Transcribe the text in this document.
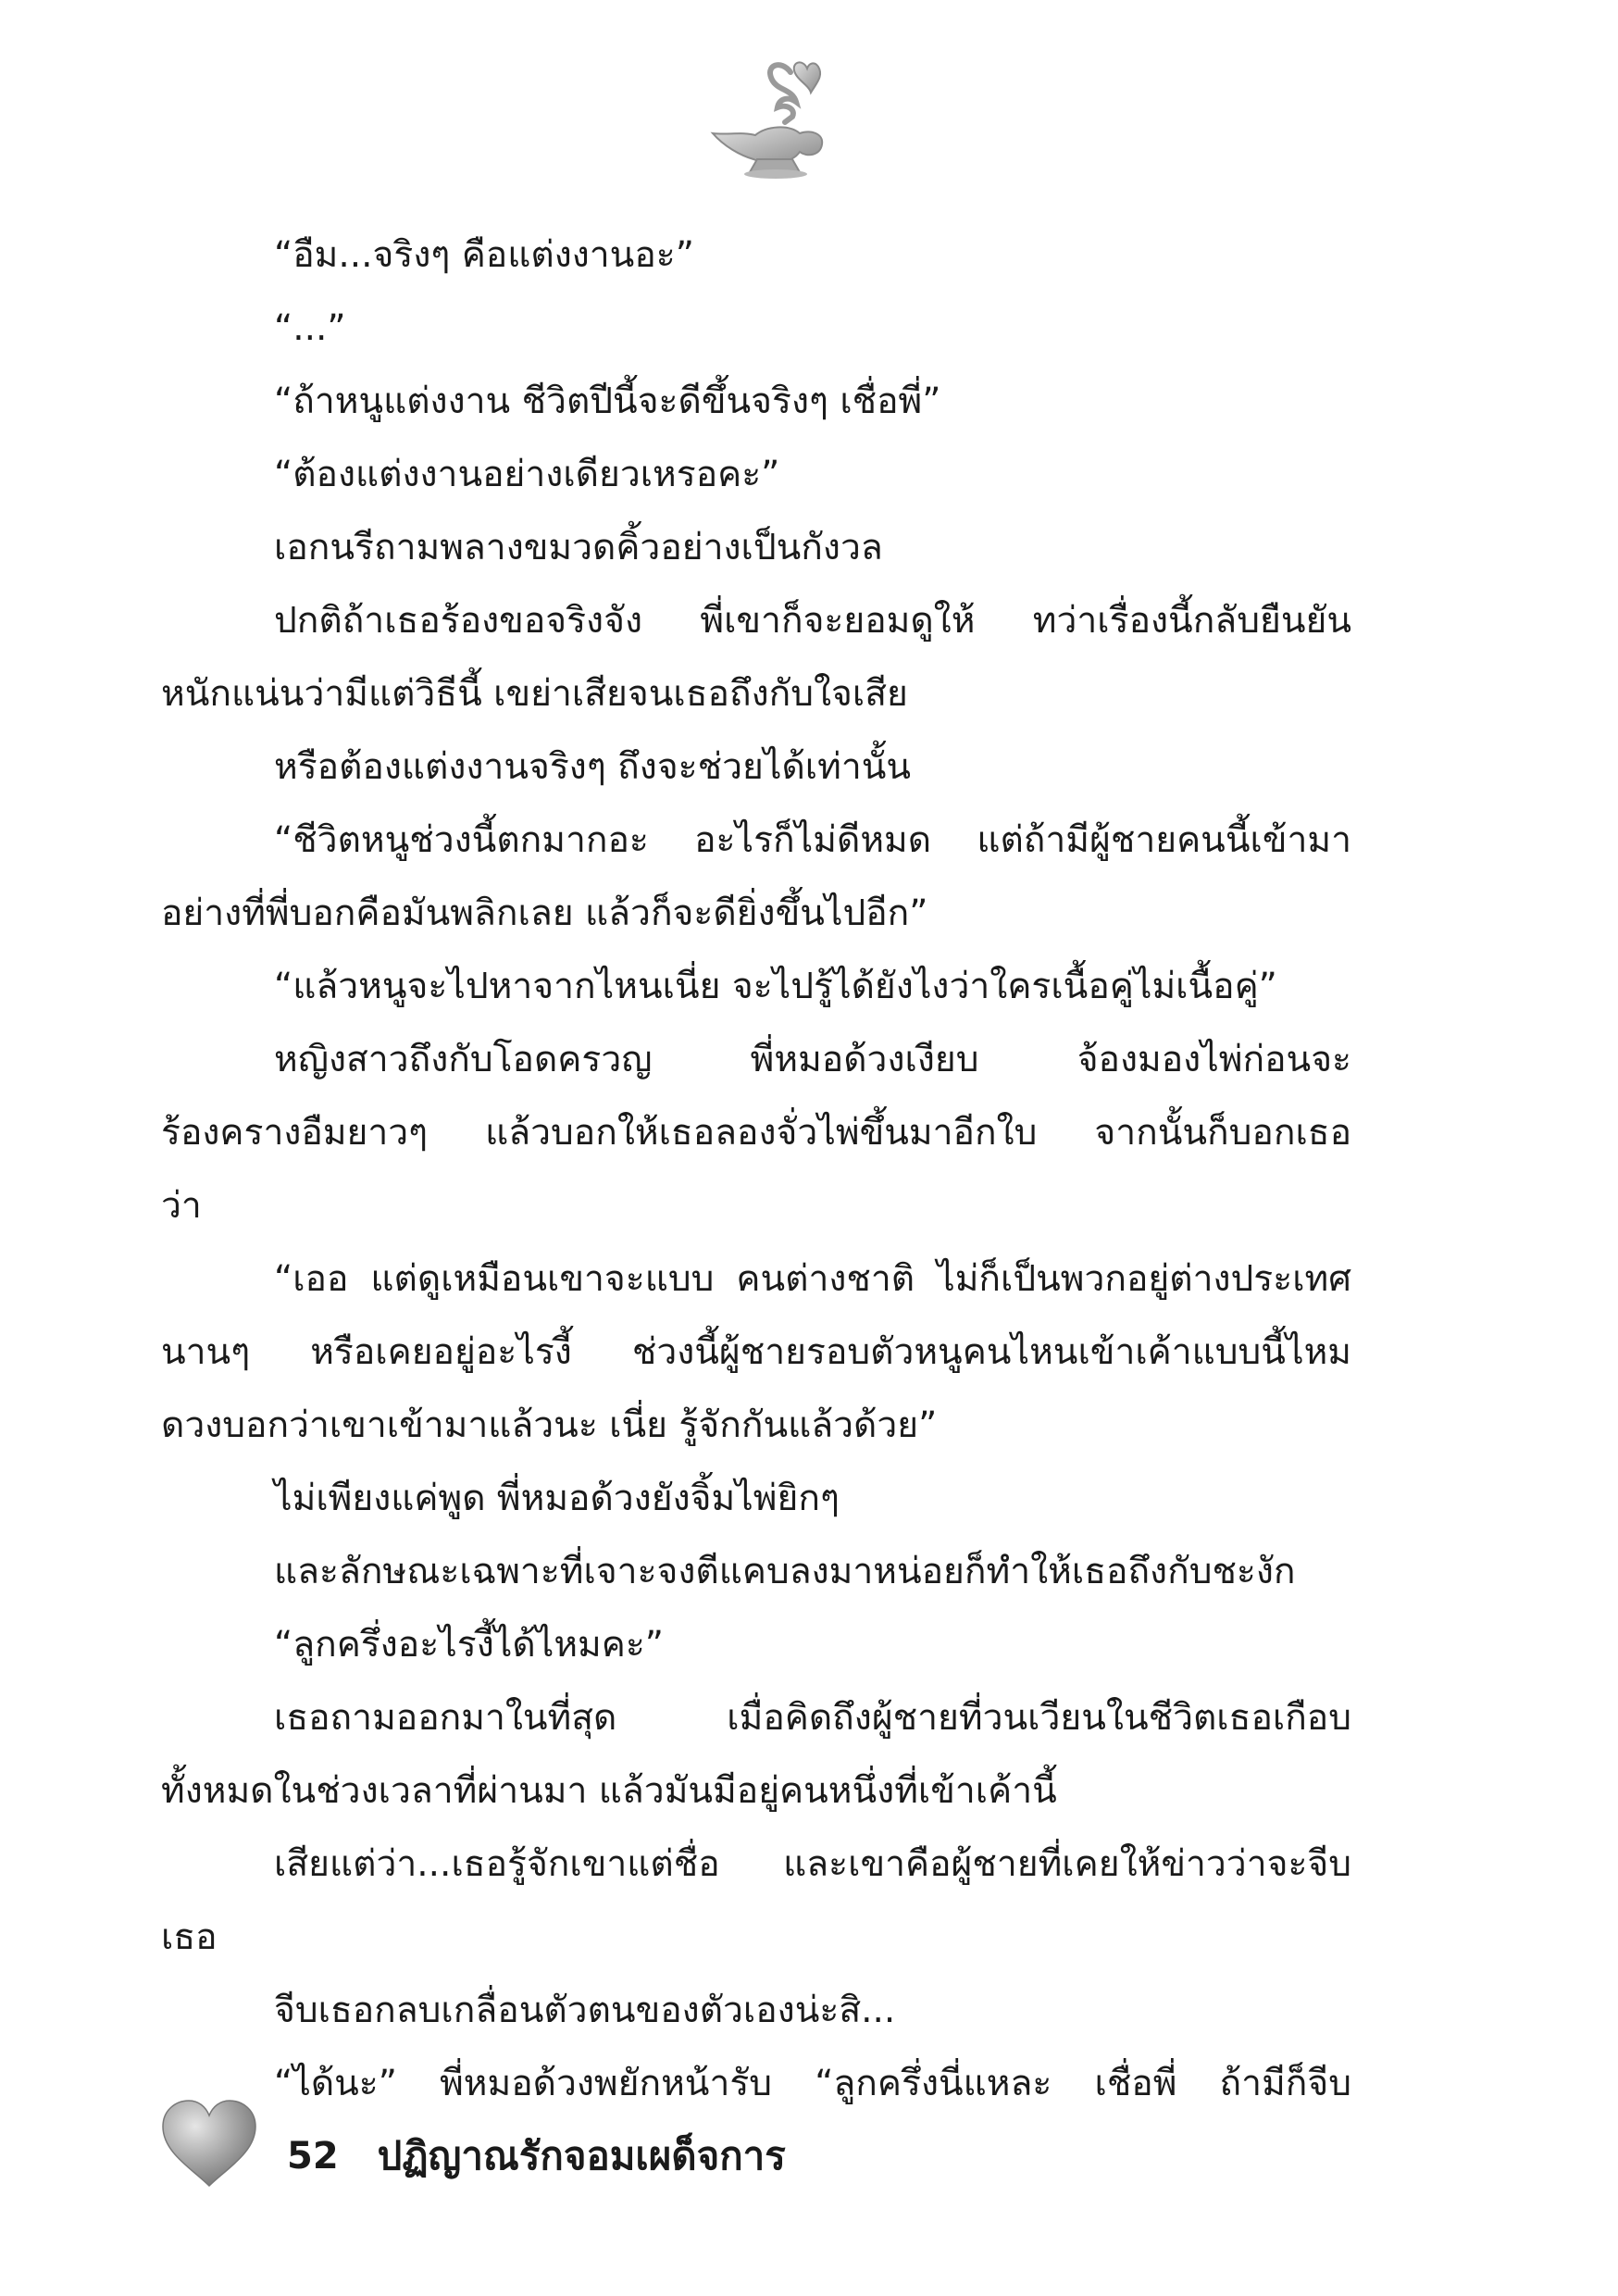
“อืม...จริงๆ คือแต่งงานอะ”
“...”
“ถ้าหนูแต่งงาน ชีวิตปีนี้จะดีขึ้นจริงๆ เชื่อพี่”
“ต้องแต่งงานอย่างเดียวเหรอคะ”
เอกนรีถามพลางขมวดคิ้วอย่างเป็นกังวล
ปกติถ้าเธอร้องขอจริงจัง พี่เขาก็จะยอมดูให้ ทว่าเรื่องนี้กลับยืนยัน
หนักแน่นว่ามีแต่วิธีนี้ เขย่าเสียจนเธอถึงกับใจเสีย
หรือต้องแต่งงานจริงๆ ถึงจะช่วยได้เท่านั้น
“ชีวิตหนูช่วงนี้ตกมากอะ อะไรก็ไม่ดีหมด แต่ถ้ามีผู้ชายคนนี้เข้ามา
อย่างที่พี่บอกคือมันพลิกเลย แล้วก็จะดียิ่งขึ้นไปอีก”
“แล้วหนูจะไปหาจากไหนเนี่ย จะไปรู้ได้ยังไงว่าใครเนื้อคู่ไม่เนื้อคู่”
หญิงสาวถึงกับโอดครวญ พี่หมอด้วงเงียบ จ้องมองไพ่ก่อนจะ
ร้องครางอืมยาวๆ แล้วบอกให้เธอลองจั่วไพ่ขึ้นมาอีกใบ จากนั้นก็บอกเธอ
ว่า
“เออ แต่ดูเหมือนเขาจะแบบ คนต่างชาติ ไม่ก็เป็นพวกอยู่ต่างประเทศ
นานๆ หรือเคยอยู่อะไรงี้ ช่วงนี้ผู้ชายรอบตัวหนูคนไหนเข้าเค้าแบบนี้ไหม
ดวงบอกว่าเขาเข้ามาแล้วนะ เนี่ย รู้จักกันแล้วด้วย”
ไม่เพียงแค่พูด พี่หมอด้วงยังจิ้มไพ่ยิกๆ
และลักษณะเฉพาะที่เจาะจงตีแคบลงมาหน่อยก็ทำให้เธอถึงกับชะงัก
“ลูกครึ่งอะไรงี้ได้ไหมคะ”
เธอถามออกมาในที่สุด เมื่อคิดถึงผู้ชายที่วนเวียนในชีวิตเธอเกือบ
ทั้งหมดในช่วงเวลาที่ผ่านมา แล้วมันมีอยู่คนหนึ่งที่เข้าเค้านี้
เสียแต่ว่า...เธอรู้จักเขาแต่ชื่อ และเขาคือผู้ชายที่เคยให้ข่าวว่าจะจีบ
เธอ
จีบเธอกลบเกลื่อนตัวตนของตัวเองน่ะสิ...
“ได้นะ” พี่หมอด้วงพยักหน้ารับ “ลูกครึ่งนี่แหละ เชื่อพี่ ถ้ามีก็จีบ
52 ปฏิญาณรักจอมเผด็จการ
